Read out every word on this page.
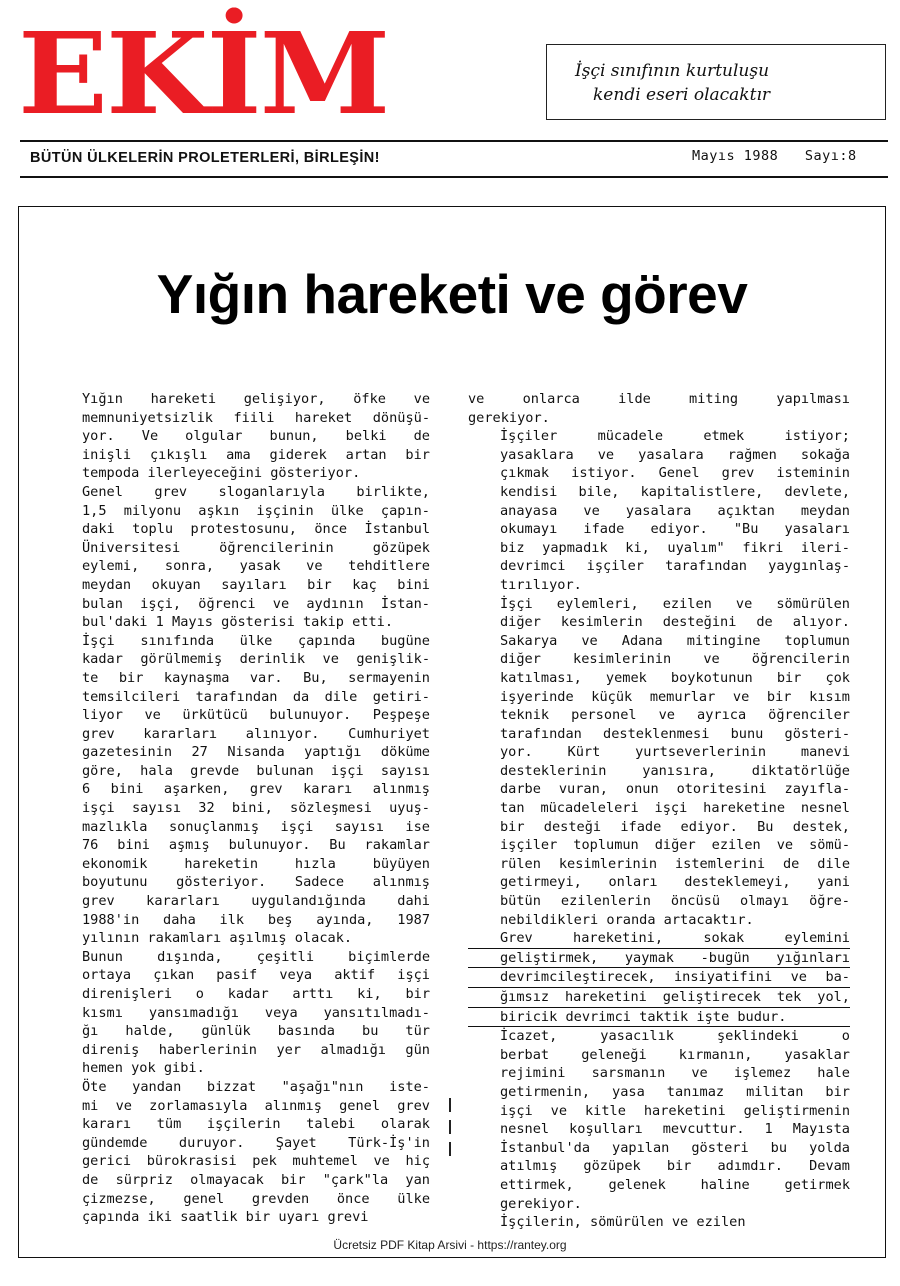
EKİM	İşçi sınıfının kurtuluşu
kendi eseri olacaktır
BÜTÜN ÜLKELERİN PROLETERLERİ, BİRLEŞİN!	Mayıs 1988 Sayı:8
Yığın hareketi ve görev

Yığın hareketi gelişiyor, öfke ve
memnuniyetsizlik fiili hareket dönüşü-
yor. Ve olgular bunun, belki de
inişli çıkışlı ama giderek artan bir
tempoda ilerleyeceğini gösteriyor.

Genel grev sloganlarıyla birlikte,
1,5 milyonu aşkın işçinin ülke çapın-
daki toplu protestosunu, önce İstanbul
Üniversitesi öğrencilerinin gözüpek
eylemi, sonra, yasak ve tehditlere
meydan okuyan sayıları bir kaç bini
bulan işçi, öğrenci ve aydının İstan-
bul'daki 1 Mayıs gösterisi takip etti.

İşçi sınıfında ülke çapında bugüne
kadar görülmemiş derinlik ve genişlik-
te bir kaynaşma var. Bu, sermayenin
temsilcileri tarafından da dile getiri-
liyor ve ürkütücü bulunuyor. Peşpeşe
grev kararları alınıyor. Cumhuriyet
gazetesinin 27 Nisanda yaptığı döküme
göre, hala grevde bulunan işçi sayısı
6 bini aşarken, grev kararı alınmış
işçi sayısı 32 bini, sözleşmesi uyuş-
mazlıkla sonuçlanmış işçi sayısı ise
76 bini aşmış bulunuyor. Bu rakamlar
ekonomik hareketin hızla büyüyen
boyutunu gösteriyor. Sadece alınmış
grev kararları uygulandığında dahi
1988'in daha ilk beş ayında, 1987
yılının rakamları aşılmış olacak.

Bunun dışında, çeşitli biçimlerde
ortaya çıkan pasif veya aktif işçi
direnişleri o kadar arttı ki, bir
kısmı yansımadığı veya yansıtılmadı-
ğı halde, günlük basında bu tür
direniş haberlerinin yer almadığı gün
hemen yok gibi.

Öte yandan bizzat "aşağı"nın iste-
mi ve zorlamasıyla alınmış genel grev
kararı tüm işçilerin talebi olarak
gündemde duruyor. Şayet Türk-İş'in
gerici bürokrasisi pek muhtemel ve hiç
de sürpriz olmayacak bir "çark"la yan
çizmezse, genel grevden önce ülke
çapında iki saatlik bir uyarı grevi

ve onlarca ilde miting yapılması
gerekiyor.

İşçiler mücadele etmek istiyor;
yasaklara ve yasalara rağmen sokağa
çıkmak istiyor. Genel grev isteminin
kendisi bile, kapitalistlere, devlete,
anayasa ve yasalara açıktan meydan
okumayı ifade ediyor. "Bu yasaları
biz yapmadık ki, uyalım" fikri ileri-
devrimci işçiler tarafından yaygınlaş-
tırılıyor.

İşçi eylemleri, ezilen ve sömürülen
diğer kesimlerin desteğini de alıyor.
Sakarya ve Adana mitingine toplumun
diğer kesimlerinin ve öğrencilerin
katılması, yemek boykotunun bir çok
işyerinde küçük memurlar ve bir kısım
teknik personel ve ayrıca öğrenciler
tarafından desteklenmesi bunu gösteri-
yor. Kürt yurtseverlerinin manevi
desteklerinin yanısıra, diktatörlüğe
darbe vuran, onun otoritesini zayıfla-
tan mücadeleleri işçi hareketine nesnel
bir desteği ifade ediyor. Bu destek,
işçiler toplumun diğer ezilen ve sömü-
rülen kesimlerinin istemlerini de dile
getirmeyi, onları desteklemeyi, yani
bütün ezilenlerin öncüsü olmayı öğre-
nebildikleri oranda artacaktır.

Grev hareketini, sokak eylemini
geliştirmek, yaymak -bugün yığınları
devrimcileştirecek, insiyatifini ve ba-
ğımsız hareketini geliştirecek tek yol,
biricik devrimci taktik işte budur.

İcazet, yasacılık şeklindeki o
berbat geleneği kırmanın, yasaklar
rejimini sarsmanın ve işlemez hale
getirmenin, yasa tanımaz militan bir
işçi ve kitle hareketini geliştirmenin
nesnel koşulları mevcuttur. 1 Mayısta
İstanbul'da yapılan gösteri bu yolda
atılmış gözüpek bir adımdır. Devam
ettirmek, gelenek haline getirmek
gerekiyor.

İşçilerin, sömürülen ve ezilen

Ücretsiz PDF Kitap Arsivi - https://rantey.org
